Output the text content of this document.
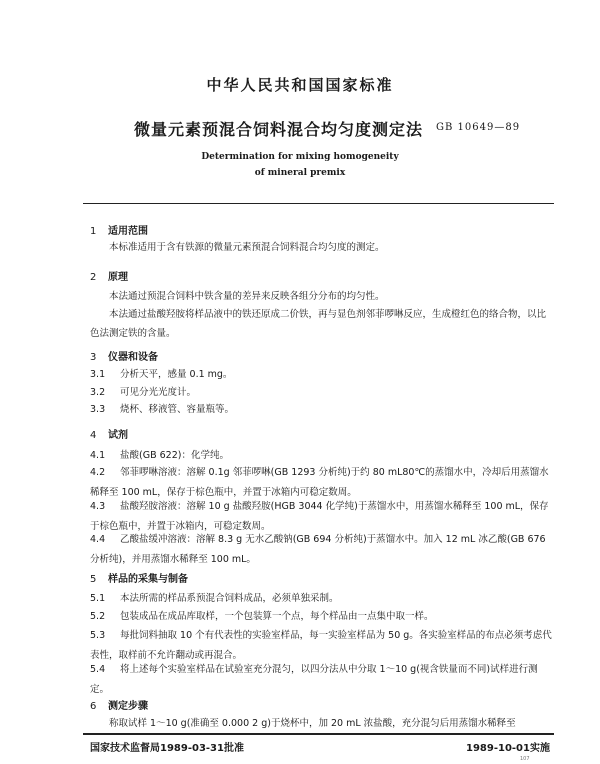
中华人民共和国国家标准
微量元素预混合饲料混合均匀度测定法 GB 10649—89
Determination for mixing homogeneity
of mineral premix
1 适用范围

本标准适用于含有铁源的微量元素预混合饲料混合均匀度的测定。

2 原理

本法通过预混合饲料中铁含量的差异来反映各组分分布的均匀性。

本法通过盐酸羟胺将样品液中的铁还原成二价铁，再与显色剂邻菲啰啉反应，生成橙红色的络合物，以比色法测定铁的含量。

3 仪器和设备

3.1 分析天平，感量 0.1 mg。

3.2 可见分光光度计。

3.3 烧杯、移液管、容量瓶等。

4 试剂

4.1 盐酸(GB 622)：化学纯。

4.2 邻菲啰啉溶液：溶解 0.1g 邻菲啰啉(GB 1293 分析纯)于约 80 mL80℃的蒸馏水中，冷却后用蒸馏水稀释至 100 mL，保存于棕色瓶中，并置于冰箱内可稳定数周。

4.3 盐酸羟胺溶液：溶解 10 g 盐酸羟胺(HGB 3044 化学纯)于蒸馏水中，用蒸馏水稀释至 100 mL，保存于棕色瓶中，并置于冰箱内，可稳定数周。

4.4 乙酸盐缓冲溶液：溶解 8.3 g 无水乙酸钠(GB 694 分析纯)于蒸馏水中。加入 12 mL 冰乙酸(GB 676 分析纯)，并用蒸馏水稀释至 100 mL。

5 样品的采集与制备

5.1 本法所需的样品系预混合饲料成品，必须单独采制。

5.2 包装成品在成品库取样，一个包装算一个点，每个样品由一点集中取一样。

5.3 每批饲料抽取 10 个有代表性的实验室样品，每一实验室样品为 50 g。各实验室样品的布点必须考虑代表性，取样前不允许翻动或再混合。

5.4 将上述每个实验室样品在试验室充分混匀，以四分法从中分取 1～10 g(视含铁量而不同)试样进行测定。

6 测定步骤

称取试样 1～10 g(准确至 0.000 2 g)于烧杯中，加 20 mL 浓盐酸，充分混匀后用蒸馏水稀释至

国家技术监督局1989-03-31批准	1989-10-01实施
107
